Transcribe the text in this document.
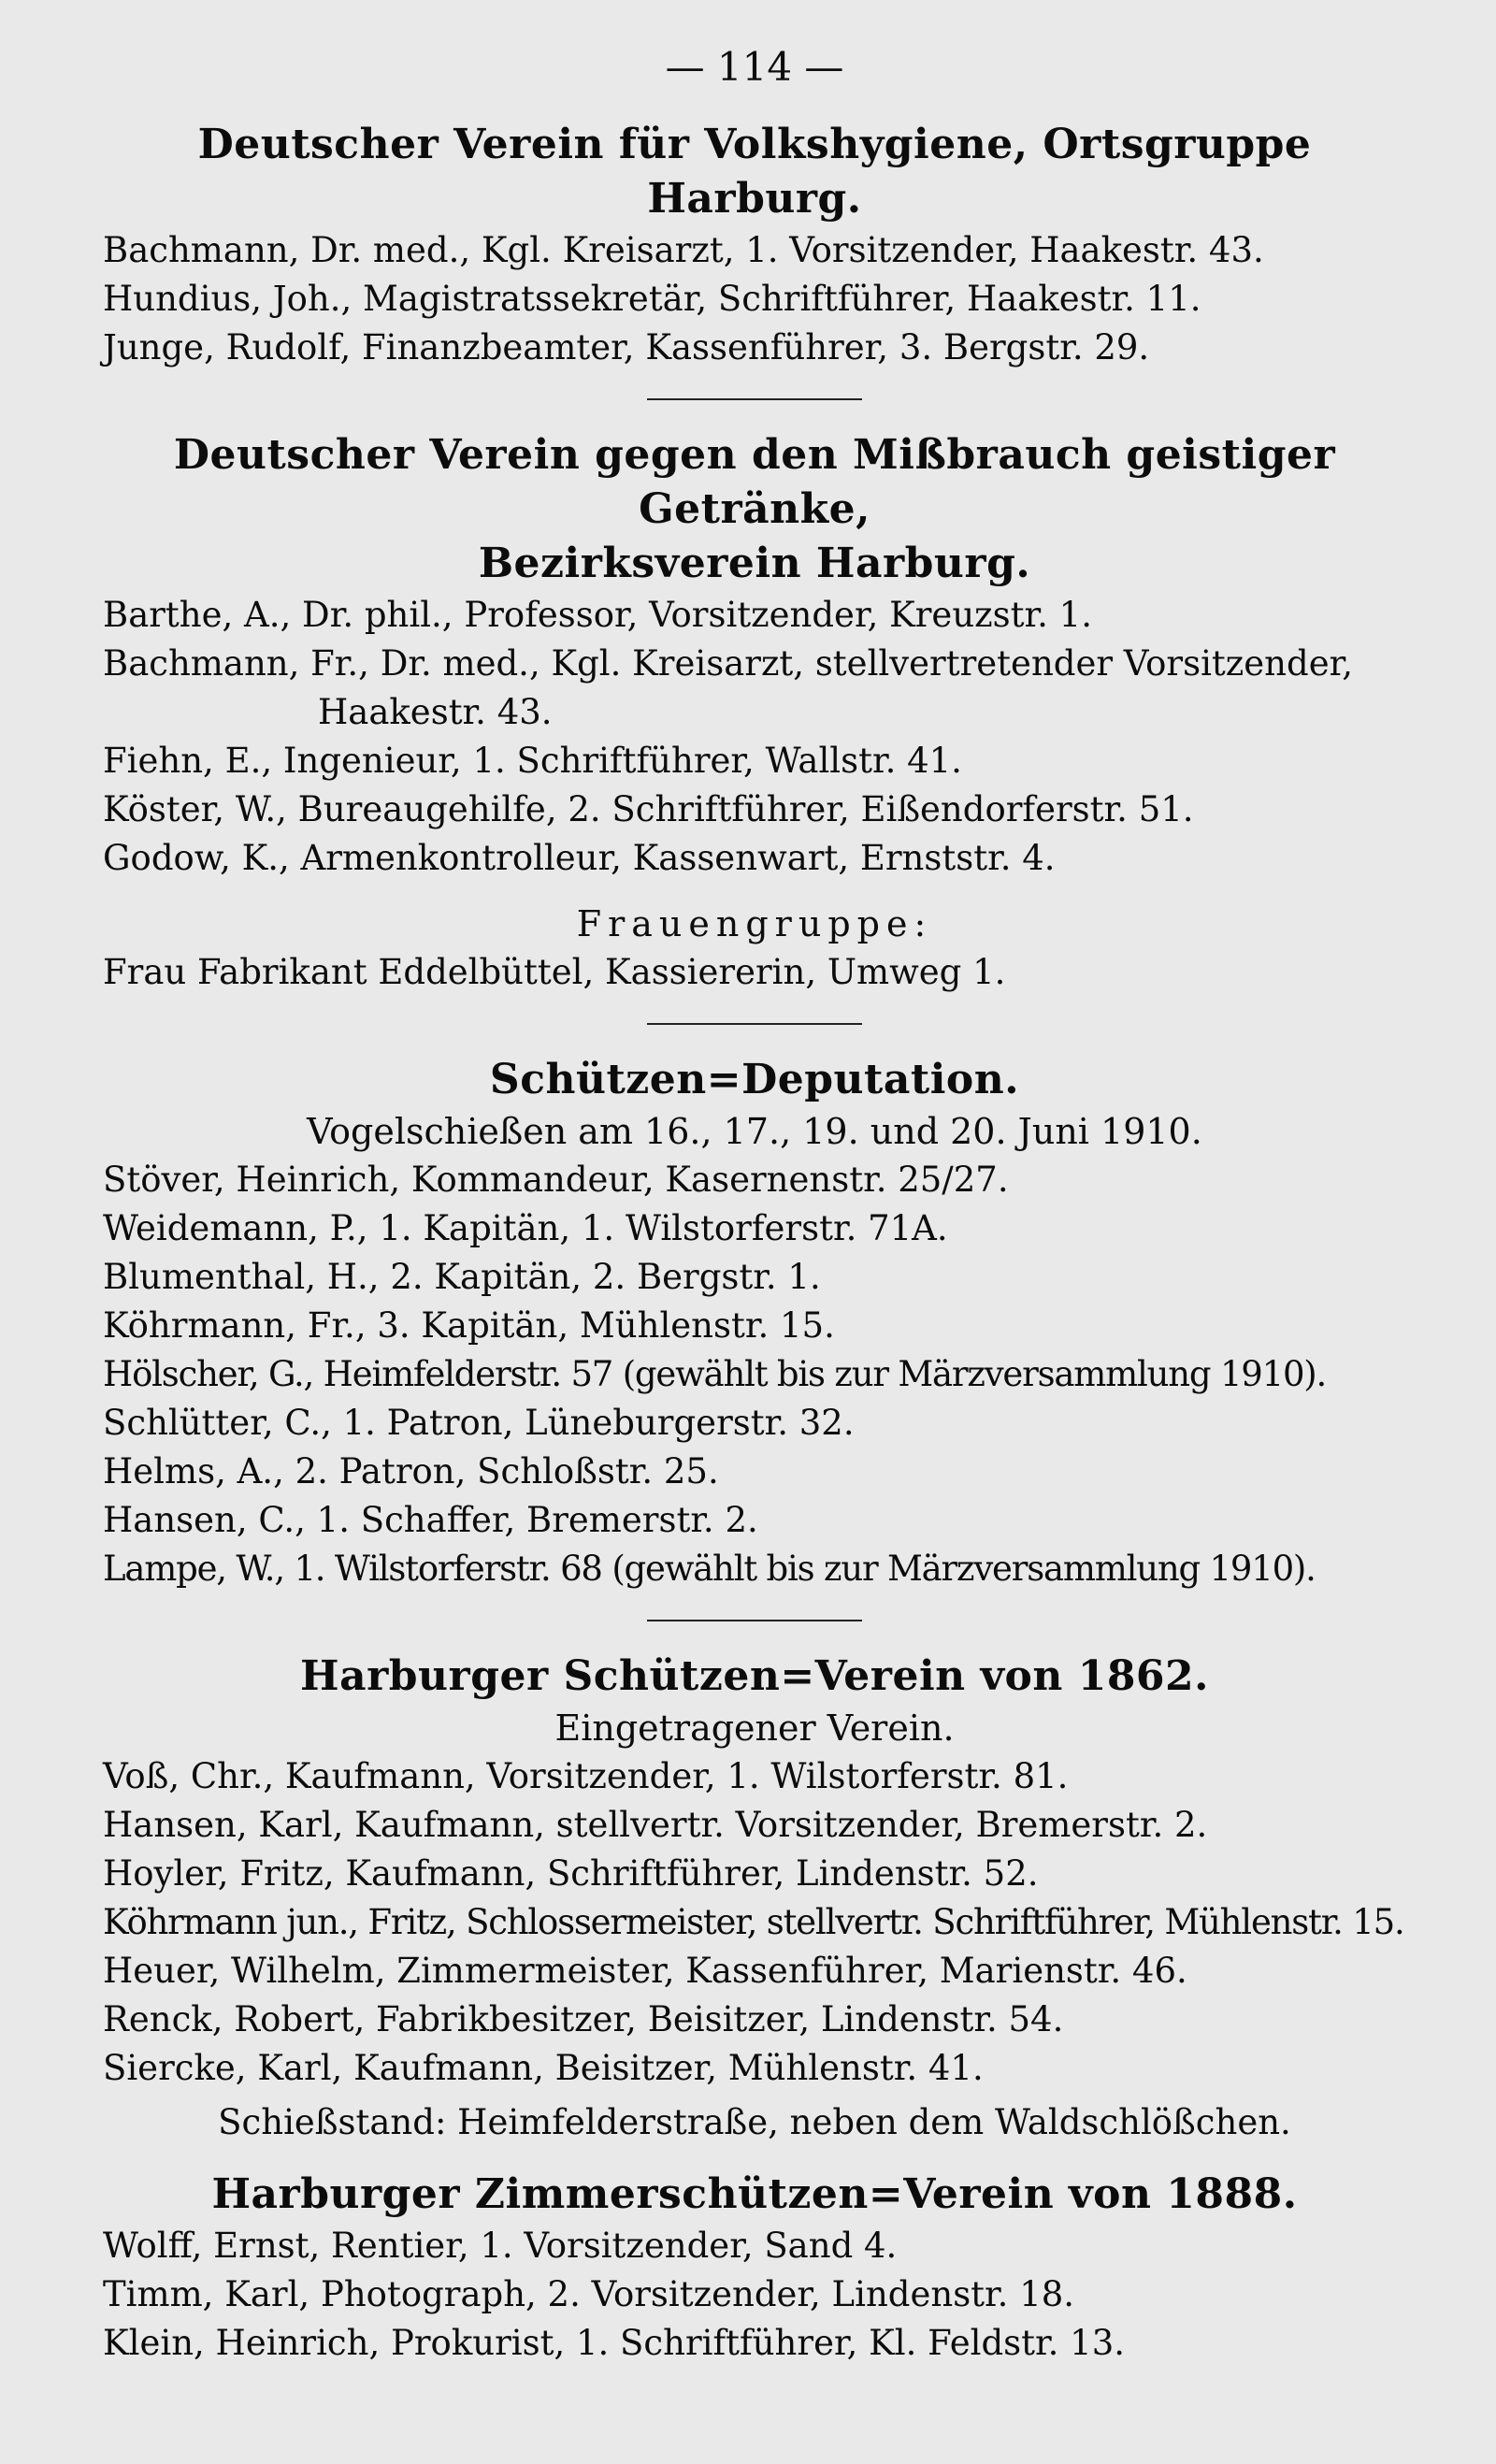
— 114 —
Deutscher Verein für Volkshygiene, Ortsgruppe Harburg.
Bachmann, Dr. med., Kgl. Kreisarzt, 1. Vorsitzender, Haakestr. 43.
Hundius, Joh., Magistratssekretär, Schriftführer, Haakestr. 11.
Junge, Rudolf, Finanzbeamter, Kassenführer, 3. Bergstr. 29.
Deutscher Verein gegen den Mißbrauch geistiger Getränke,
Bezirksverein Harburg.
Barthe, A., Dr. phil., Professor, Vorsitzender, Kreuzstr. 1.
Bachmann, Fr., Dr. med., Kgl. Kreisarzt, stellvertretender Vorsitzender, Haakestr. 43.
Fiehn, E., Ingenieur, 1. Schriftführer, Wallstr. 41.
Köster, W., Bureaugehilfe, 2. Schriftführer, Eißendorferstr. 51.
Godow, K., Armenkontrolleur, Kassenwart, Ernststr. 4.
Frauengruppe:
Frau Fabrikant Eddelbüttel, Kassiererin, Umweg 1.
Schützen=Deputation.
Vogelschießen am 16., 17., 19. und 20. Juni 1910.
Stöver, Heinrich, Kommandeur, Kasernenstr. 25/27.
Weidemann, P., 1. Kapitän, 1. Wilstorferstr. 71A.
Blumenthal, H., 2. Kapitän, 2. Bergstr. 1.
Köhrmann, Fr., 3. Kapitän, Mühlenstr. 15.
Hölscher, G., Heimfelderstr. 57 (gewählt bis zur Märzversammlung 1910).
Schlütter, C., 1. Patron, Lüneburgerstr. 32.
Helms, A., 2. Patron, Schloßstr. 25.
Hansen, C., 1. Schaffer, Bremerstr. 2.
Lampe, W., 1. Wilstorferstr. 68 (gewählt bis zur Märzversammlung 1910).
Harburger Schützen=Verein von 1862.
Eingetragener Verein.
Voß, Chr., Kaufmann, Vorsitzender, 1. Wilstorferstr. 81.
Hansen, Karl, Kaufmann, stellvertr. Vorsitzender, Bremerstr. 2.
Hoyler, Fritz, Kaufmann, Schriftführer, Lindenstr. 52.
Köhrmann jun., Fritz, Schlossermeister, stellvertr. Schriftführer, Mühlenstr. 15.
Heuer, Wilhelm, Zimmermeister, Kassenführer, Marienstr. 46.
Renck, Robert, Fabrikbesitzer, Beisitzer, Lindenstr. 54.
Siercke, Karl, Kaufmann, Beisitzer, Mühlenstr. 41.
Schießstand: Heimfelderstraße, neben dem Waldschlößchen.
Harburger Zimmerschützen=Verein von 1888.
Wolff, Ernst, Rentier, 1. Vorsitzender, Sand 4.
Timm, Karl, Photograph, 2. Vorsitzender, Lindenstr. 18.
Klein, Heinrich, Prokurist, 1. Schriftführer, Kl. Feldstr. 13.
